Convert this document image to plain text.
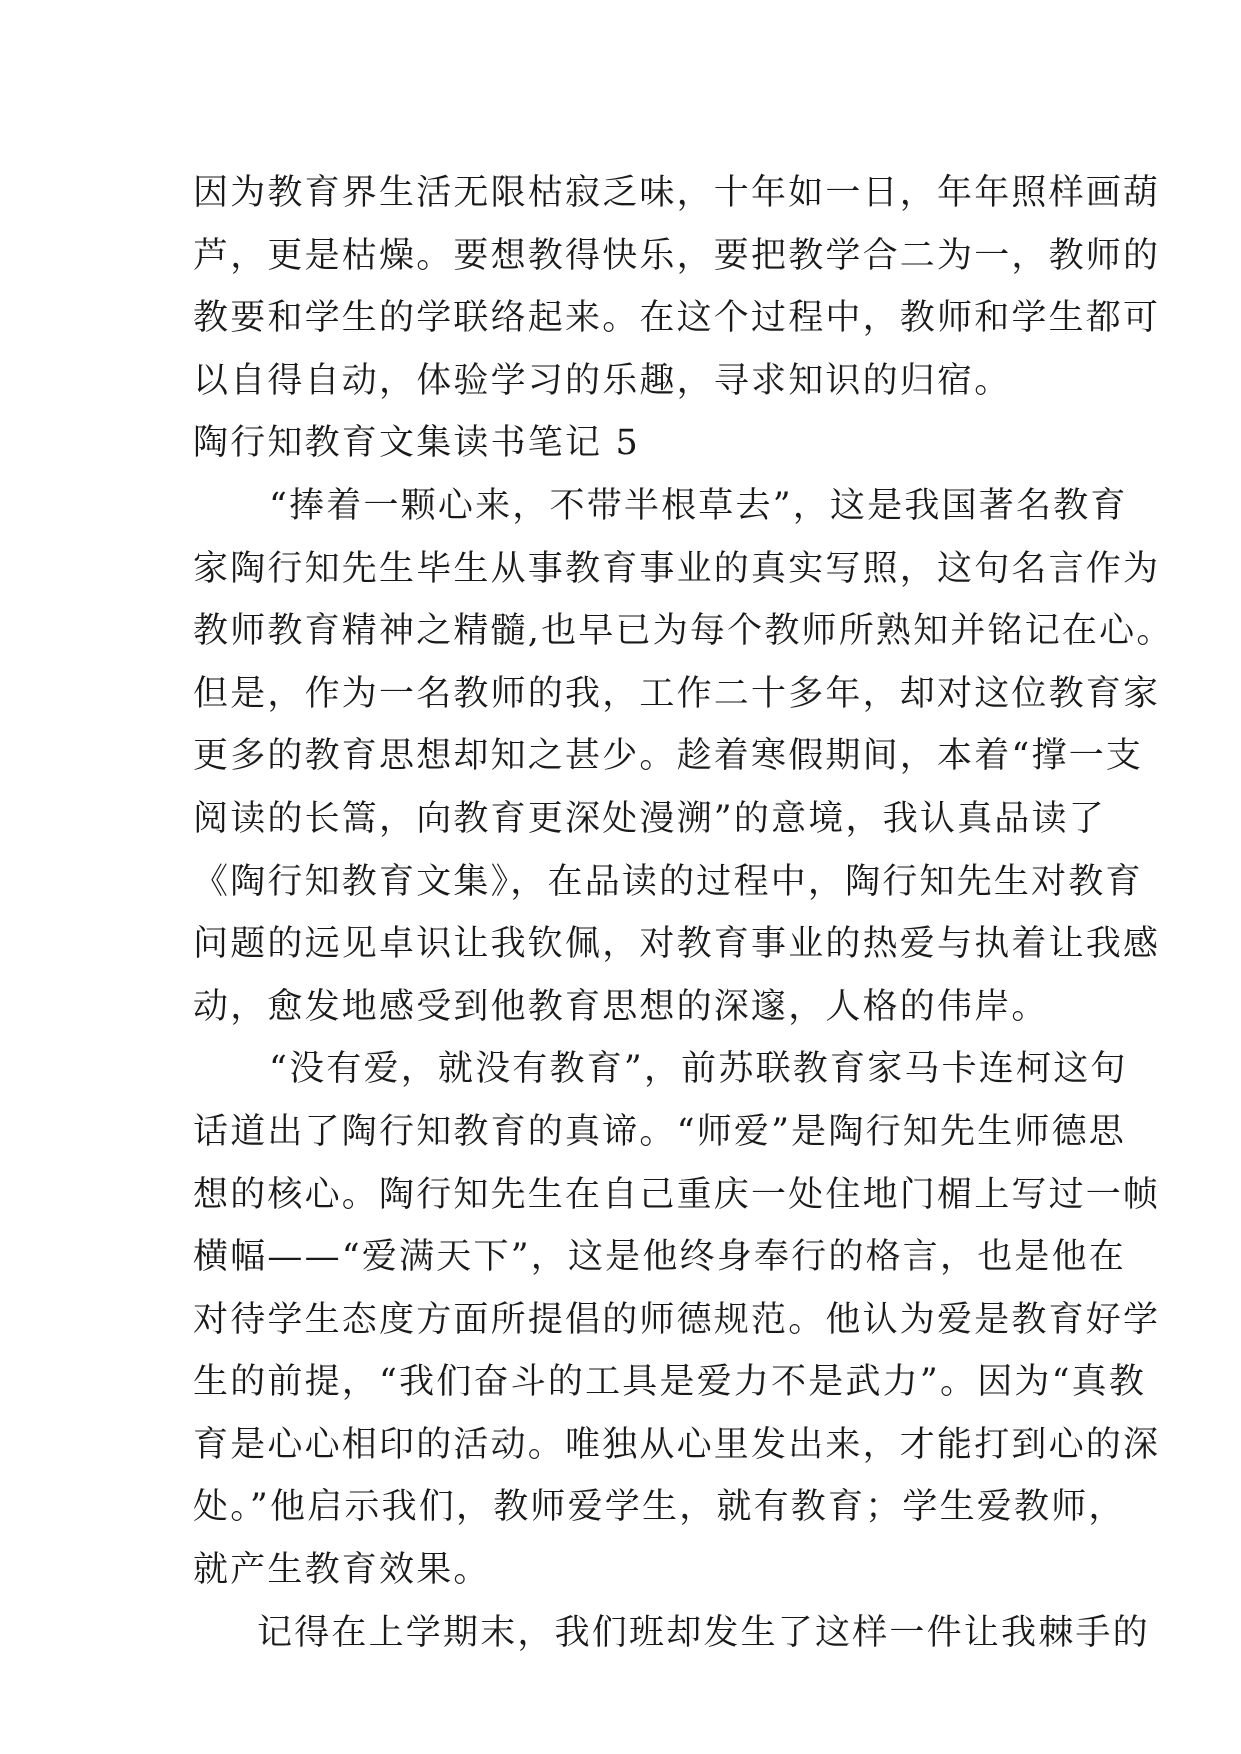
因为教育界生活无限枯寂乏味，十年如一日，年年照样画葫
芦，更是枯燥。要想教得快乐，要把教学合二为一，教师的
教要和学生的学联络起来。在这个过程中，教师和学生都可
以自得自动，体验学习的乐趣，寻求知识的归宿。
陶行知教育文集读书笔记 5
“捧着一颗心来，不带半根草去”，这是我国著名教育
家陶行知先生毕生从事教育事业的真实写照，这句名言作为
教师教育精神之精髓,也早已为每个教师所熟知并铭记在心。
但是，作为一名教师的我，工作二十多年，却对这位教育家
更多的教育思想却知之甚少。趁着寒假期间，本着“撑一支
阅读的长篙，向教育更深处漫溯”的意境，我认真品读了
《陶行知教育文集》，在品读的过程中，陶行知先生对教育
问题的远见卓识让我钦佩，对教育事业的热爱与执着让我感
动，愈发地感受到他教育思想的深邃，人格的伟岸。
“没有爱，就没有教育”，前苏联教育家马卡连柯这句
话道出了陶行知教育的真谛。“师爱”是陶行知先生师德思
想的核心。陶行知先生在自己重庆一处住地门楣上写过一帧
横幅——“爱满天下”，这是他终身奉行的格言，也是他在
对待学生态度方面所提倡的师德规范。他认为爱是教育好学
生的前提，“我们奋斗的工具是爱力不是武力”。因为“真教
育是心心相印的活动。唯独从心里发出来，才能打到心的深
处。”他启示我们，教师爱学生，就有教育；学生爱教师，
就产生教育效果。
记得在上学期末，我们班却发生了这样一件让我棘手的
